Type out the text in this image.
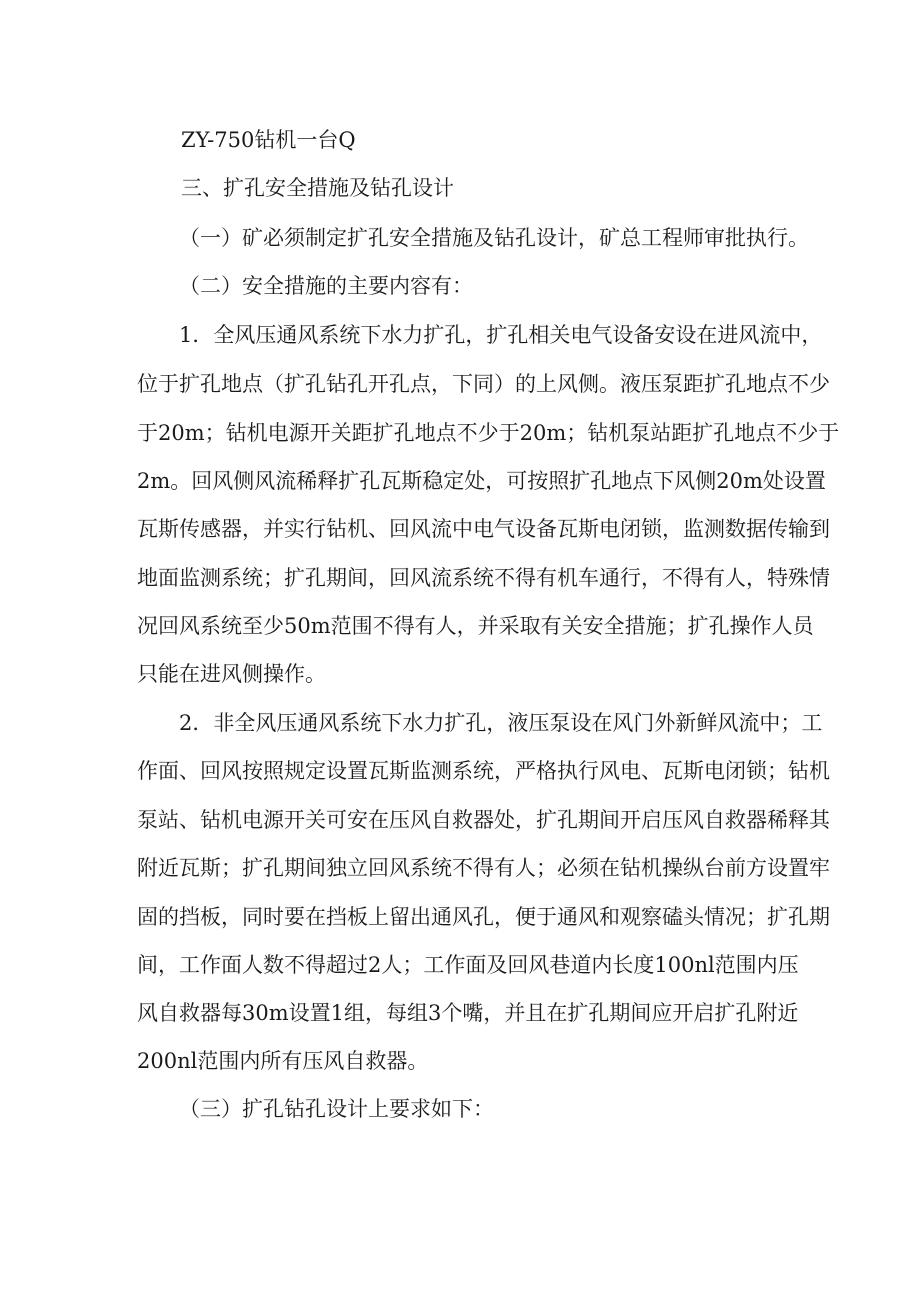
ZY-750钻机一台Q
三、扩孔安全措施及钻孔设计
（一）矿必须制定扩孔安全措施及钻孔设计，矿总工程师审批执行。
（二）安全措施的主要内容有：
1．全风压通风系统下水力扩孔，扩孔相关电气设备安设在进风流中，
位于扩孔地点（扩孔钻孔开孔点，下同）的上风侧。液压泵距扩孔地点不少
于20m；钻机电源开关距扩孔地点不少于20m；钻机泵站距扩孔地点不少于
2m。回风侧风流稀释扩孔瓦斯稳定处，可按照扩孔地点下风侧20m处设置
瓦斯传感器，并实行钻机、回风流中电气设备瓦斯电闭锁，监测数据传输到
地面监测系统；扩孔期间，回风流系统不得有机车通行，不得有人，特殊情
况回风系统至少50m范围不得有人，并采取有关安全措施；扩孔操作人员
只能在进风侧操作。
2．非全风压通风系统下水力扩孔，液压泵设在风门外新鲜风流中；工
作面、回风按照规定设置瓦斯监测系统，严格执行风电、瓦斯电闭锁；钻机
泵站、钻机电源开关可安在压风自救器处，扩孔期间开启压风自救器稀释其
附近瓦斯；扩孔期间独立回风系统不得有人；必须在钻机操纵台前方设置牢
固的挡板，同时要在挡板上留出通风孔，便于通风和观察磕头情况；扩孔期
间，工作面人数不得超过2人；工作面及回风巷道内长度100nl范围内压
风自救器每30m设置1组，每组3个嘴，并且在扩孔期间应开启扩孔附近
200nl范围内所有压风自救器。
（三）扩孔钻孔设计上要求如下：
